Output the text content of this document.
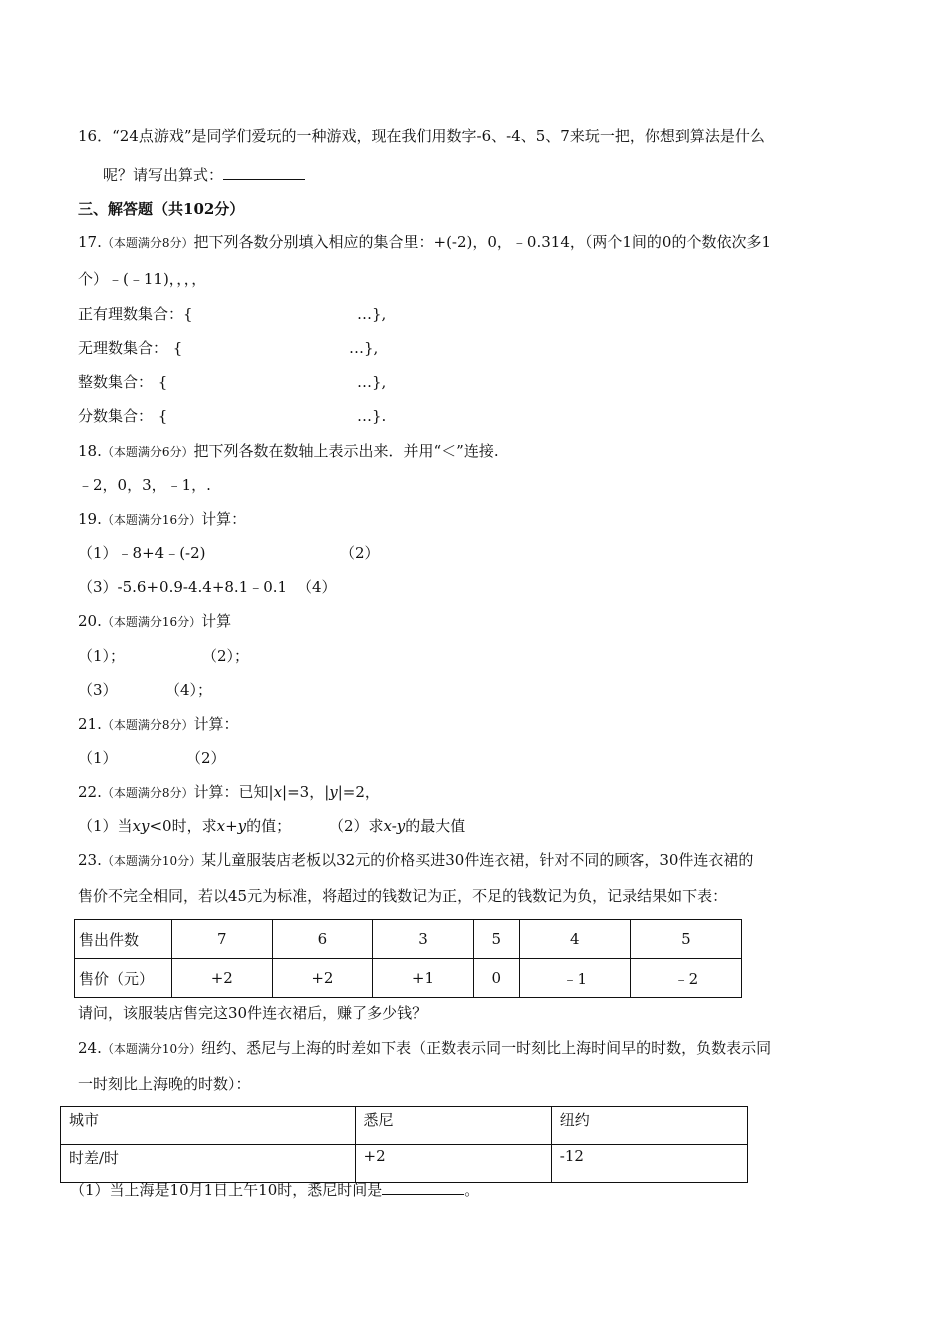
16．“24点游戏”是同学们爱玩的一种游戏，现在我们用数字-6、-4、5、7来玩一把，你想到算法是什么
呢？请写出算式：
三、解答题（共102分）
17.（本题满分8分）把下列各数分别填入相应的集合里：+(-2)，0，﹣0.314，（两个1间的0的个数依次多1
个）﹣(﹣11)，，，，
正有理数集合：{	…},
无理数集合： {	…},
整数集合： {	…},
分数集合： {	…}.
18.（本题满分6分）把下列各数在数轴上表示出来．并用“＜”连接.
﹣2，0，3，﹣1，.
19.（本题满分16分）计算：
（1）﹣8+4﹣(-2)	（2）
（3）-5.6+0.9-4.4+8.1﹣0.1 （4）
20.（本题满分16分）计算
（1）；	（2）；
（3）	（4）；
21.（本题满分8分）计算：
（1）	（2）
22.（本题满分8分）计算：已知|x|=3，|y|=2，
（1）当xy<0时，求x+y的值；	（2）求x-y的最大值
23.（本题满分10分）某儿童服装店老板以32元的价格买进30件连衣裙，针对不同的顾客，30件连衣裙的
售价不完全相同，若以45元为标准，将超过的钱数记为正，不足的钱数记为负，记录结果如下表：
售出件数	7	6	3	5	4	5
售价（元）	+2	+2	+1	0	﹣1	﹣2
请问，该服装店售完这30件连衣裙后，赚了多少钱？
24.（本题满分10分）纽约、悉尼与上海的时差如下表（正数表示同一时刻比上海时间早的时数，负数表示同
一时刻比上海晚的时数）：
城市	悉尼	纽约
时差/时	+2	-12
（1）当上海是10月1日上午10时，悉尼时间是	。
